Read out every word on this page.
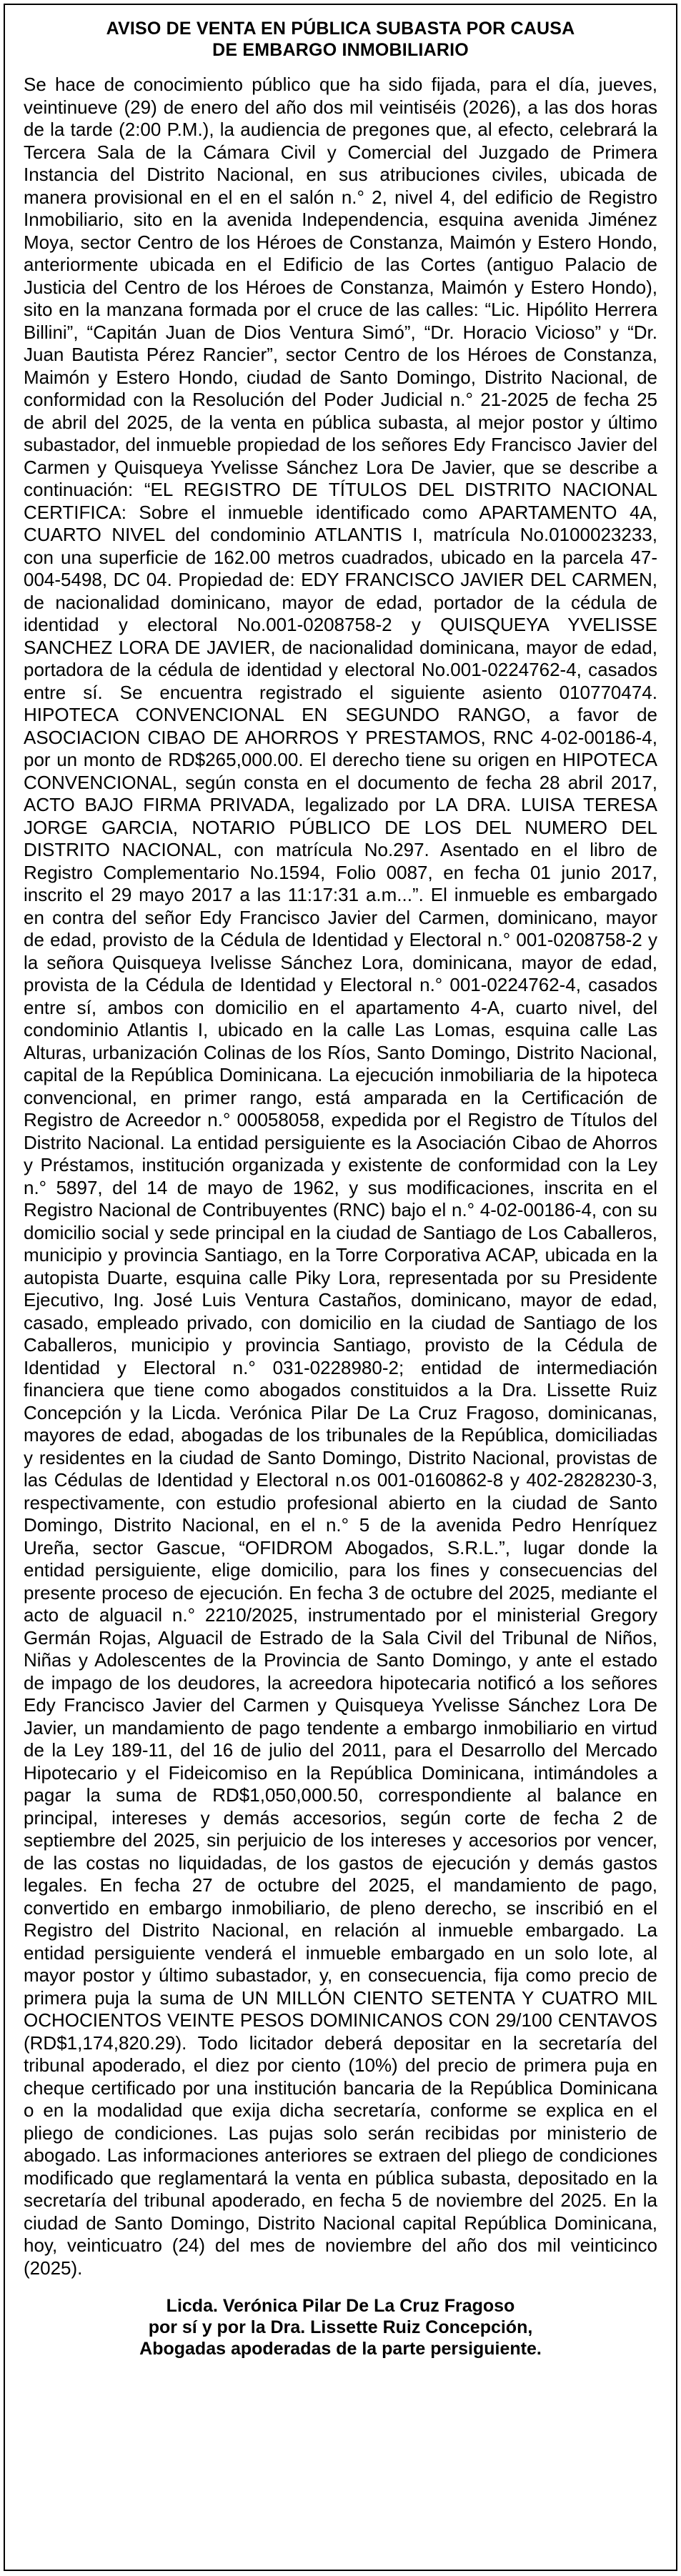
AVISO DE VENTA EN PÚBLICA SUBASTA POR CAUSA
DE EMBARGO INMOBILIARIO

Se hace de conocimiento público que ha sido fijada, para el día, jueves, veintinueve (29) de enero del año dos mil veintiséis (2026), a las dos horas de la tarde (2:00 P.M.), la audiencia de pregones que, al efecto, celebrará la Tercera Sala de la Cámara Civil y Comercial del Juzgado de Primera Instancia del Distrito Nacional, en sus atribuciones civiles, ubicada de manera provisional en el en el salón n.° 2, nivel 4, del edificio de Registro Inmobiliario, sito en la avenida Independencia, esquina avenida Jiménez Moya, sector Centro de los Héroes de Constanza, Maimón y Estero Hondo, anteriormente ubicada en el Edificio de las Cortes (antiguo Palacio de Justicia del Centro de los Héroes de Constanza, Maimón y Estero Hondo), sito en la manzana formada por el cruce de las calles: “Lic. Hipólito Herrera Billini”, “Capitán Juan de Dios Ventura Simó”, “Dr. Horacio Vicioso” y “Dr. Juan Bautista Pérez Rancier”, sector Centro de los Héroes de Constanza, Maimón y Estero Hondo, ciudad de Santo Domingo, Distrito Nacional, de conformidad con la Resolución del Poder Judicial n.° 21-2025 de fecha 25 de abril del 2025, de la venta en pública subasta, al mejor postor y último subastador, del inmueble propiedad de los señores Edy Francisco Javier del Carmen y Quisqueya Yvelisse Sánchez Lora De Javier, que se describe a continuación: “EL REGISTRO DE TÍTULOS DEL DISTRITO NACIONAL CERTIFICA: Sobre el inmueble identificado como APARTAMENTO 4A, CUARTO NIVEL del condominio ATLANTIS I, matrícula No.0100023233, con una superficie de 162.00 metros cuadrados, ubicado en la parcela 47-004-5498, DC 04. Propiedad de: EDY FRANCISCO JAVIER DEL CARMEN, de nacionalidad dominicano, mayor de edad, portador de la cédula de identidad y electoral No.001-0208758-2 y QUISQUEYA YVELISSE SANCHEZ LORA DE JAVIER, de nacionalidad dominicana, mayor de edad, portadora de la cédula de identidad y electoral No.001-0224762-4, casados entre sí. Se encuentra registrado el siguiente asiento 010770474. HIPOTECA CONVENCIONAL EN SEGUNDO RANGO, a favor de ASOCIACION CIBAO DE AHORROS Y PRESTAMOS, RNC 4-02-00186-4, por un monto de RD$265,000.00. El derecho tiene su origen en HIPOTECA CONVENCIONAL, según consta en el documento de fecha 28 abril 2017, ACTO BAJO FIRMA PRIVADA, legalizado por LA DRA. LUISA TERESA JORGE GARCIA, NOTARIO PÚBLICO DE LOS DEL NUMERO DEL DISTRITO NACIONAL, con matrícula No.297. Asentado en el libro de Registro Complementario No.1594, Folio 0087, en fecha 01 junio 2017, inscrito el 29 mayo 2017 a las 11:17:31 a.m...”. El inmueble es embargado en contra del señor Edy Francisco Javier del Carmen, dominicano, mayor de edad, provisto de la Cédula de Identidad y Electoral n.° 001-0208758-2 y la señora Quisqueya Ivelisse Sánchez Lora, dominicana, mayor de edad, provista de la Cédula de Identidad y Electoral n.° 001-0224762-4, casados entre sí, ambos con domicilio en el apartamento 4-A, cuarto nivel, del condominio Atlantis I, ubicado en la calle Las Lomas, esquina calle Las Alturas, urbanización Colinas de los Ríos, Santo Domingo, Distrito Nacional, capital de la República Dominicana. La ejecución inmobiliaria de la hipoteca convencional, en primer rango, está amparada en la Certificación de Registro de Acreedor n.° 00058058, expedida por el Registro de Títulos del Distrito Nacional. La entidad persiguiente es la Asociación Cibao de Ahorros y Préstamos, institución organizada y existente de conformidad con la Ley n.° 5897, del 14 de mayo de 1962, y sus modificaciones, inscrita en el Registro Nacional de Contribuyentes (RNC) bajo el n.° 4-02-00186-4, con su domicilio social y sede principal en la ciudad de Santiago de Los Caballeros, municipio y provincia Santiago, en la Torre Corporativa ACAP, ubicada en la autopista Duarte, esquina calle Piky Lora, representada por su Presidente Ejecutivo, Ing. José Luis Ventura Castaños, dominicano, mayor de edad, casado, empleado privado, con domicilio en la ciudad de Santiago de los Caballeros, municipio y provincia Santiago, provisto de la Cédula de Identidad y Electoral n.° 031-0228980-2; entidad de intermediación financiera que tiene como abogados constituidos a la Dra. Lissette Ruiz Concepción y la Licda. Verónica Pilar De La Cruz Fragoso, dominicanas, mayores de edad, abogadas de los tribunales de la República, domiciliadas y residentes en la ciudad de Santo Domingo, Distrito Nacional, provistas de las Cédulas de Identidad y Electoral n.os 001-0160862-8 y 402-2828230-3, respectivamente, con estudio profesional abierto en la ciudad de Santo Domingo, Distrito Nacional, en el n.° 5 de la avenida Pedro Henríquez Ureña, sector Gascue, “OFIDROM Abogados, S.R.L.”, lugar donde la entidad persiguiente, elige domicilio, para los fines y consecuencias del presente proceso de ejecución. En fecha 3 de octubre del 2025, mediante el acto de alguacil n.° 2210/2025, instrumentado por el ministerial Gregory Germán Rojas, Alguacil de Estrado de la Sala Civil del Tribunal de Niños, Niñas y Adolescentes de la Provincia de Santo Domingo, y ante el estado de impago de los deudores, la acreedora hipotecaria notificó a los señores Edy Francisco Javier del Carmen y Quisqueya Yvelisse Sánchez Lora De Javier, un mandamiento de pago tendente a embargo inmobiliario en virtud de la Ley 189-11, del 16 de julio del 2011, para el Desarrollo del Mercado Hipotecario y el Fideicomiso en la República Dominicana, intimándoles a pagar la suma de RD$1,050,000.50, correspondiente al balance en principal, intereses y demás accesorios, según corte de fecha 2 de septiembre del 2025, sin perjuicio de los intereses y accesorios por vencer, de las costas no liquidadas, de los gastos de ejecución y demás gastos legales. En fecha 27 de octubre del 2025, el mandamiento de pago, convertido en embargo inmobiliario, de pleno derecho, se inscribió en el Registro del Distrito Nacional, en relación al inmueble embargado. La entidad persiguiente venderá el inmueble embargado en un solo lote, al mayor postor y último subastador, y, en consecuencia, fija como precio de primera puja la suma de UN MILLÓN CIENTO SETENTA Y CUATRO MIL OCHOCIENTOS VEINTE PESOS DOMINICANOS CON 29/100 CENTAVOS (RD$1,174,820.29). Todo licitador deberá depositar en la secretaría del tribunal apoderado, el diez por ciento (10%) del precio de primera puja en cheque certificado por una institución bancaria de la República Dominicana o en la modalidad que exija dicha secretaría, conforme se explica en el pliego de condiciones. Las pujas solo serán recibidas por ministerio de abogado. Las informaciones anteriores se extraen del pliego de condiciones modificado que reglamentará la venta en pública subasta, depositado en la secretaría del tribunal apoderado, en fecha 5 de noviembre del 2025. En la ciudad de Santo Domingo, Distrito Nacional capital República Dominicana, hoy, veinticuatro (24) del mes de noviembre del año dos mil veinticinco (2025).

Licda. Verónica Pilar De La Cruz Fragoso
por sí y por la Dra. Lissette Ruiz Concepción,
Abogadas apoderadas de la parte persiguiente.
